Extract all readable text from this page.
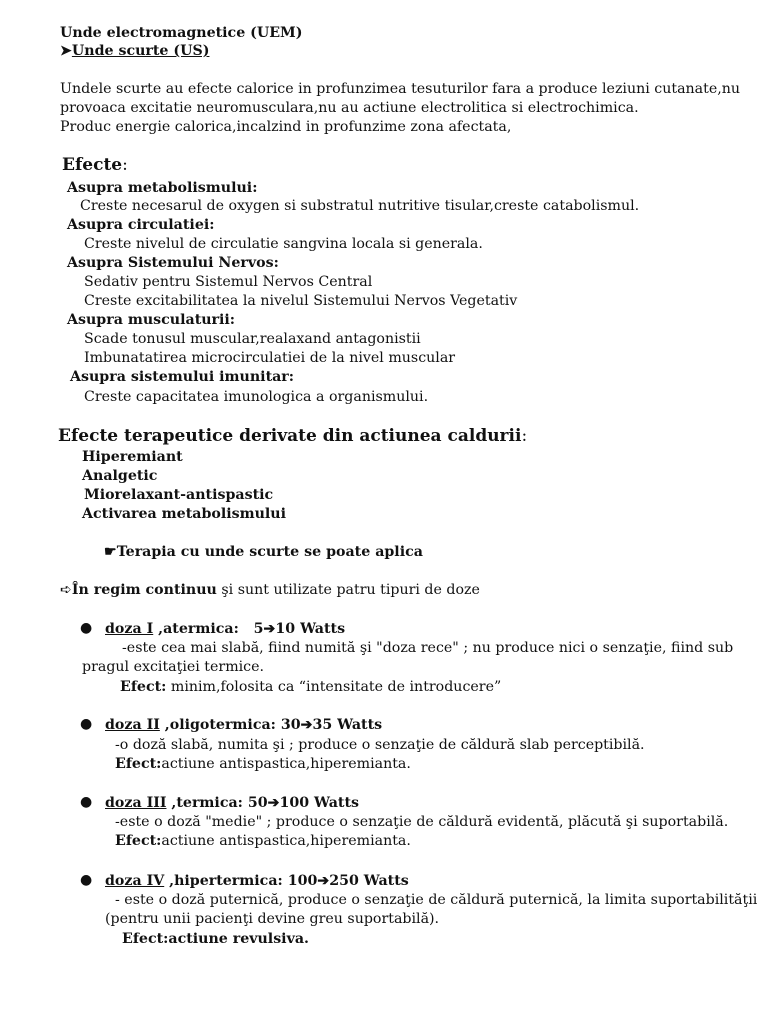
Unde electromagnetice (UEM)
➤Unde scurte (US)
Undele scurte au efecte calorice in profunzimea tesuturilor fara a produce leziuni cutanate,nu
provoaca excitatie neuromusculara,nu au actiune electrolitica si electrochimica.
Produc energie calorica,incalzind in profunzime zona afectata,
Efecte:
Asupra metabolismului:
Creste necesarul de oxygen si substratul nutritive tisular,creste catabolismul.
Asupra circulatiei:
Creste nivelul de circulatie sangvina locala si generala.
Asupra Sistemului Nervos:
Sedativ pentru Sistemul Nervos Central
Creste excitabilitatea la nivelul Sistemului Nervos Vegetativ
Asupra musculaturii:
Scade tonusul muscular,realaxand antagonistii
Imbunatatirea microcirculatiei de la nivel muscular
Asupra sistemului imunitar:
Creste capacitatea imunologica a organismului.
Efecte terapeutice derivate din actiunea caldurii:
Hiperemiant
Analgetic
Miorelaxant-antispastic
Activarea metabolismului
☛Terapia cu unde scurte se poate aplica
➪În regim continuu şi sunt utilizate patru tipuri de doze
● doza I ,atermica: 5➔10 Watts
-este cea mai slabă, fiind numită şi "doza rece" ; nu produce nici o senzaţie, fiind sub
pragul excitaţiei termice.
Efect: minim,folosita ca “intensitate de introducere”
● doza II ,oligotermica: 30➔35 Watts
-o doză slabă, numita şi ; produce o senzaţie de căldură slab perceptibilă.
Efect:actiune antispastica,hiperemianta.
● doza III ,termica: 50➔100 Watts
-este o doză "medie" ; produce o senzaţie de căldură evidentă, plăcută şi suportabilă.
Efect:actiune antispastica,hiperemianta.
● doza IV ,hipertermica: 100➔250 Watts
- este o doză puternică, produce o senzaţie de căldură puternică, la limita suportabilităţii
(pentru unii pacienţi devine greu suportabilă).
Efect:actiune revulsiva.
